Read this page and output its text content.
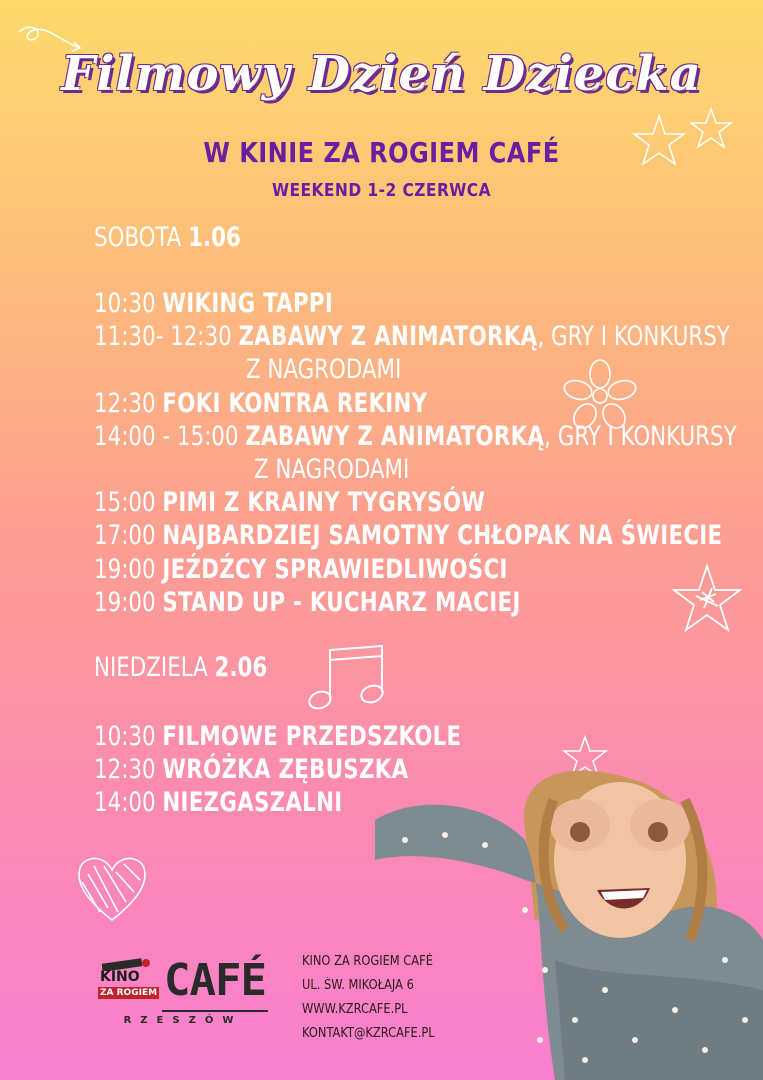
Filmowy Dzień Dziecka
W KINIE ZA ROGIEM CAFÉ
WEEKEND 1-2 CZERWCA
SOBOTA 1.06
10:30 WIKING TAPPI
11:30- 12:30 ZABAWY Z ANIMATORKĄ, GRY I KONKURSY
Z NAGRODAMI
12:30 FOKI KONTRA REKINY
14:00 - 15:00 ZABAWY Z ANIMATORKĄ, GRY I KONKURSY
Z NAGRODAMI
15:00 PIMI Z KRAINY TYGRYSÓW
17:00 NAJBARDZIEJ SAMOTNY CHŁOPAK NA ŚWIECIE
19:00 JEŹDŹCY SPRAWIEDLIWOŚCI
19:00 STAND UP - KUCHARZ MACIEJ
NIEDZIELA 2.06
10:30 FILMOWE PRZEDSZKOLE
12:30 WRÓŻKA ZĘBUSZKA
14:00 NIEZGASZALNI
KINO
ZA ROGIEM CAFÉ
RZESZÓW
KINO ZA ROGIEM CAFÉ
UL. ŚW. MIKOŁAJA 6
WWW.KZRCAFE.PL
KONTAKT@KZRCAFE.PL
